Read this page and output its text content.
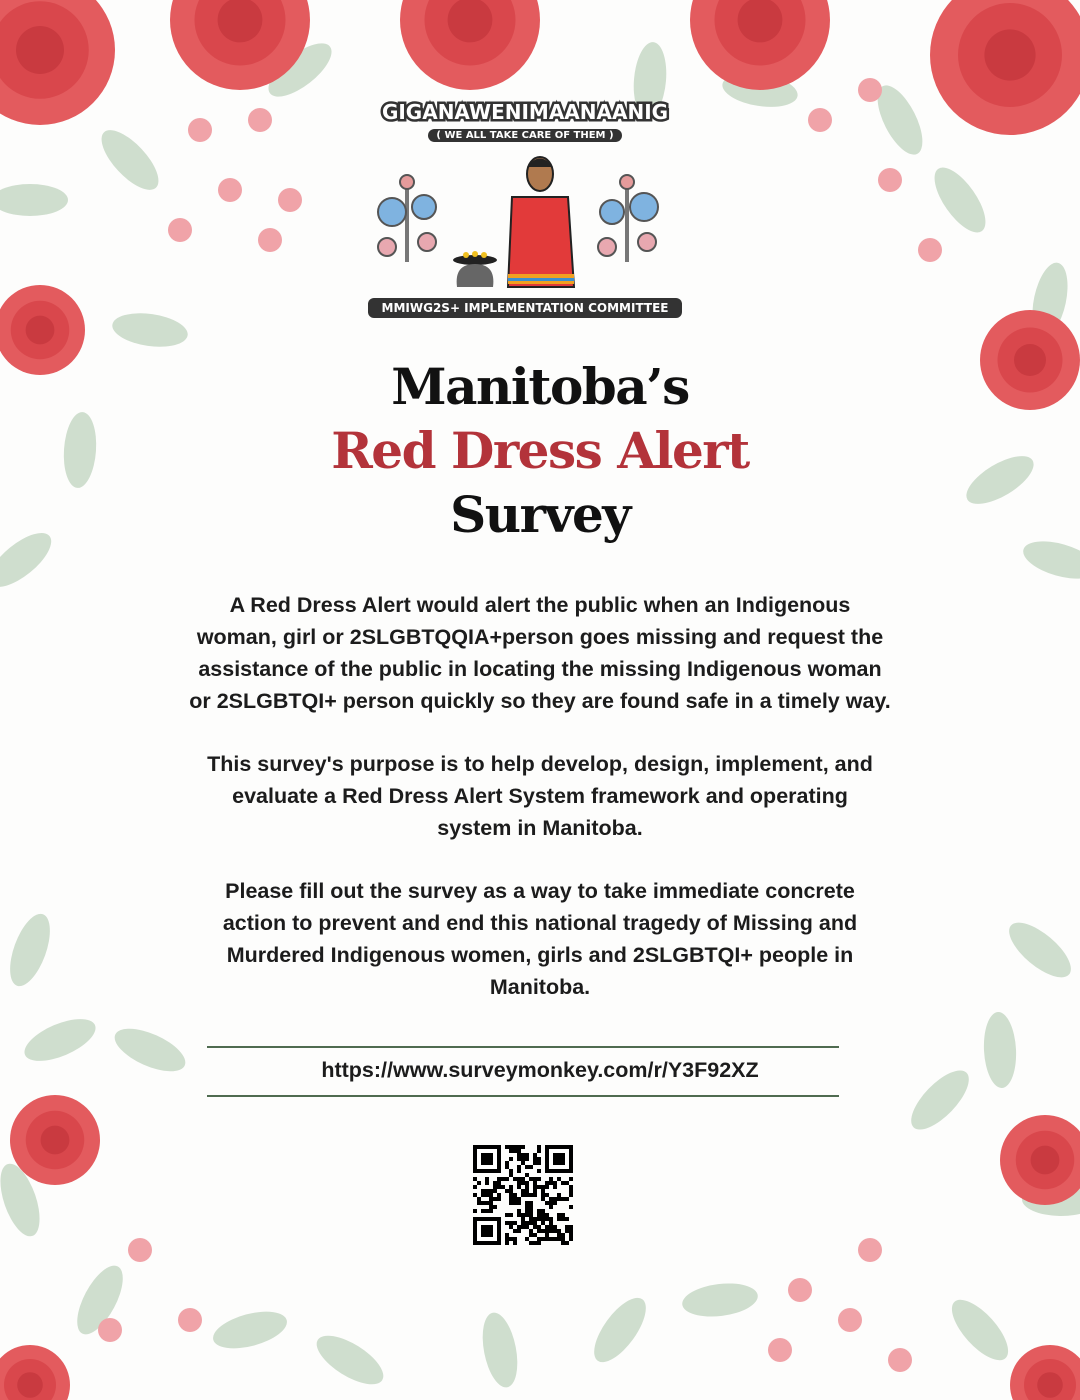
GIGANAWENIMAANAANIG
( WE ALL TAKE CARE OF THEM )
MMIWG2S+ IMPLEMENTATION COMMITTEE
Manitoba’s
Red Dress Alert
Survey
A Red Dress Alert would alert the public when an Indigenous
woman, girl or 2SLGBTQQIA+person goes missing and request the
assistance of the public in locating the missing Indigenous woman
or 2SLGBTQI+ person quickly so they are found safe in a timely way.
This survey's purpose is to help develop, design, implement, and
evaluate a Red Dress Alert System framework and operating
system in Manitoba.
Please fill out the survey as a way to take immediate concrete
action to prevent and end this national tragedy of Missing and
Murdered Indigenous women, girls and 2SLGBTQI+ people in
Manitoba.
https://www.surveymonkey.com/r/Y3F92XZ
